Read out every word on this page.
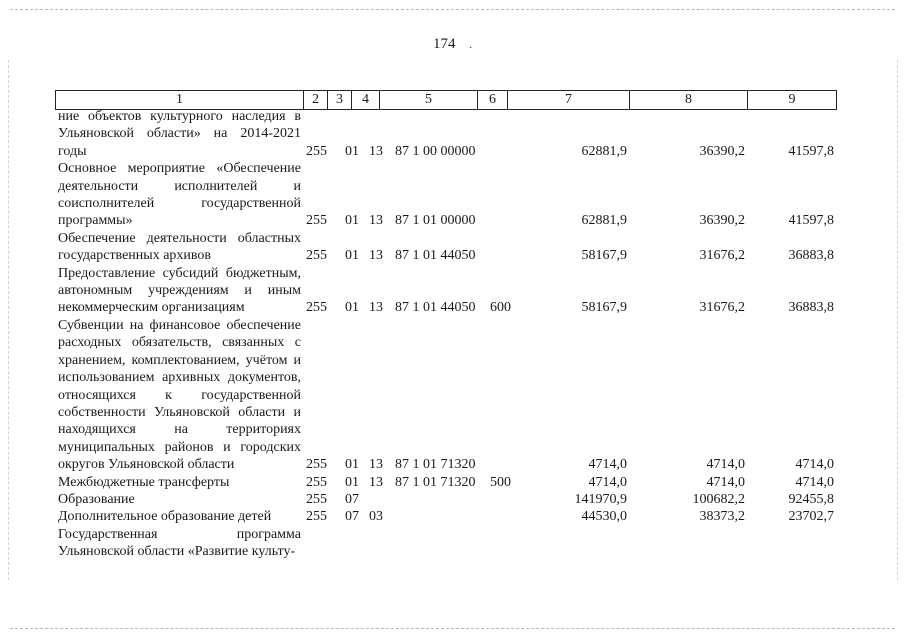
174 .
1	2	3	4	5	6	7	8	9
ние объектов культурного наследия в Ульяновской области» на 2014-2021 годы	255	01	13	87 1 00 00000		62881,9	36390,2	41597,8
Основное мероприятие «Обеспечение деятельности исполнителей и соисполнителей государственной программы»	255	01	13	87 1 01 00000		62881,9	36390,2	41597,8
Обеспечение деятельности областных государственных архивов	255	01	13	87 1 01 44050		58167,9	31676,2	36883,8
Предоставление субсидий бюджетным, автономным учреждениям и иным некоммерческим организациям	255	01	13	87 1 01 44050	600	58167,9	31676,2	36883,8
Субвенции на финансовое обеспечение расходных обязательств, связанных с хранением, комплектованием, учётом и использованием архивных документов, относящихся к государственной собственности Ульяновской области и находящихся на территориях муниципальных районов и городских округов Ульяновской области	255	01	13	87 1 01 71320		4714,0	4714,0	4714,0
Межбюджетные трансферты	255	01	13	87 1 01 71320	500	4714,0	4714,0	4714,0
Образование	255	07				141970,9	100682,2	92455,8
Дополнительное образование детей	255	07	03			44530,0	38373,2	23702,7
Государственная программа Ульяновской области «Развитие культу-								
